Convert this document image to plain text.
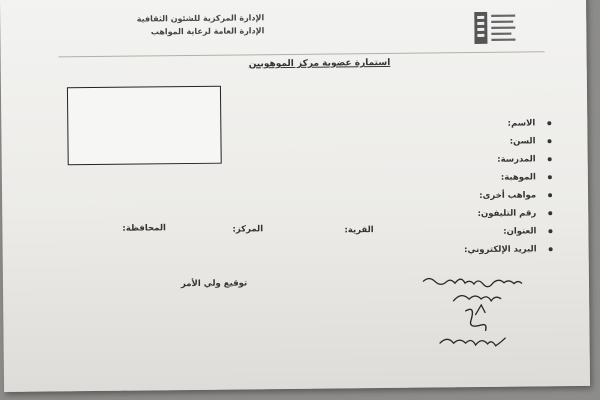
الإدارة المركزية للشئون الثقافية
الإدارة العامة لرعاية المواهب
استمارة عضوية مركز الموهوبين
الاسم:
السن:
المدرسة:
الموهبة:
مواهب أخرى:
رقم التليفون:
العنوان:
البريد الإلكتروني:
القرية:
المركز:
المحافظة:
توقيع ولي الأمر
